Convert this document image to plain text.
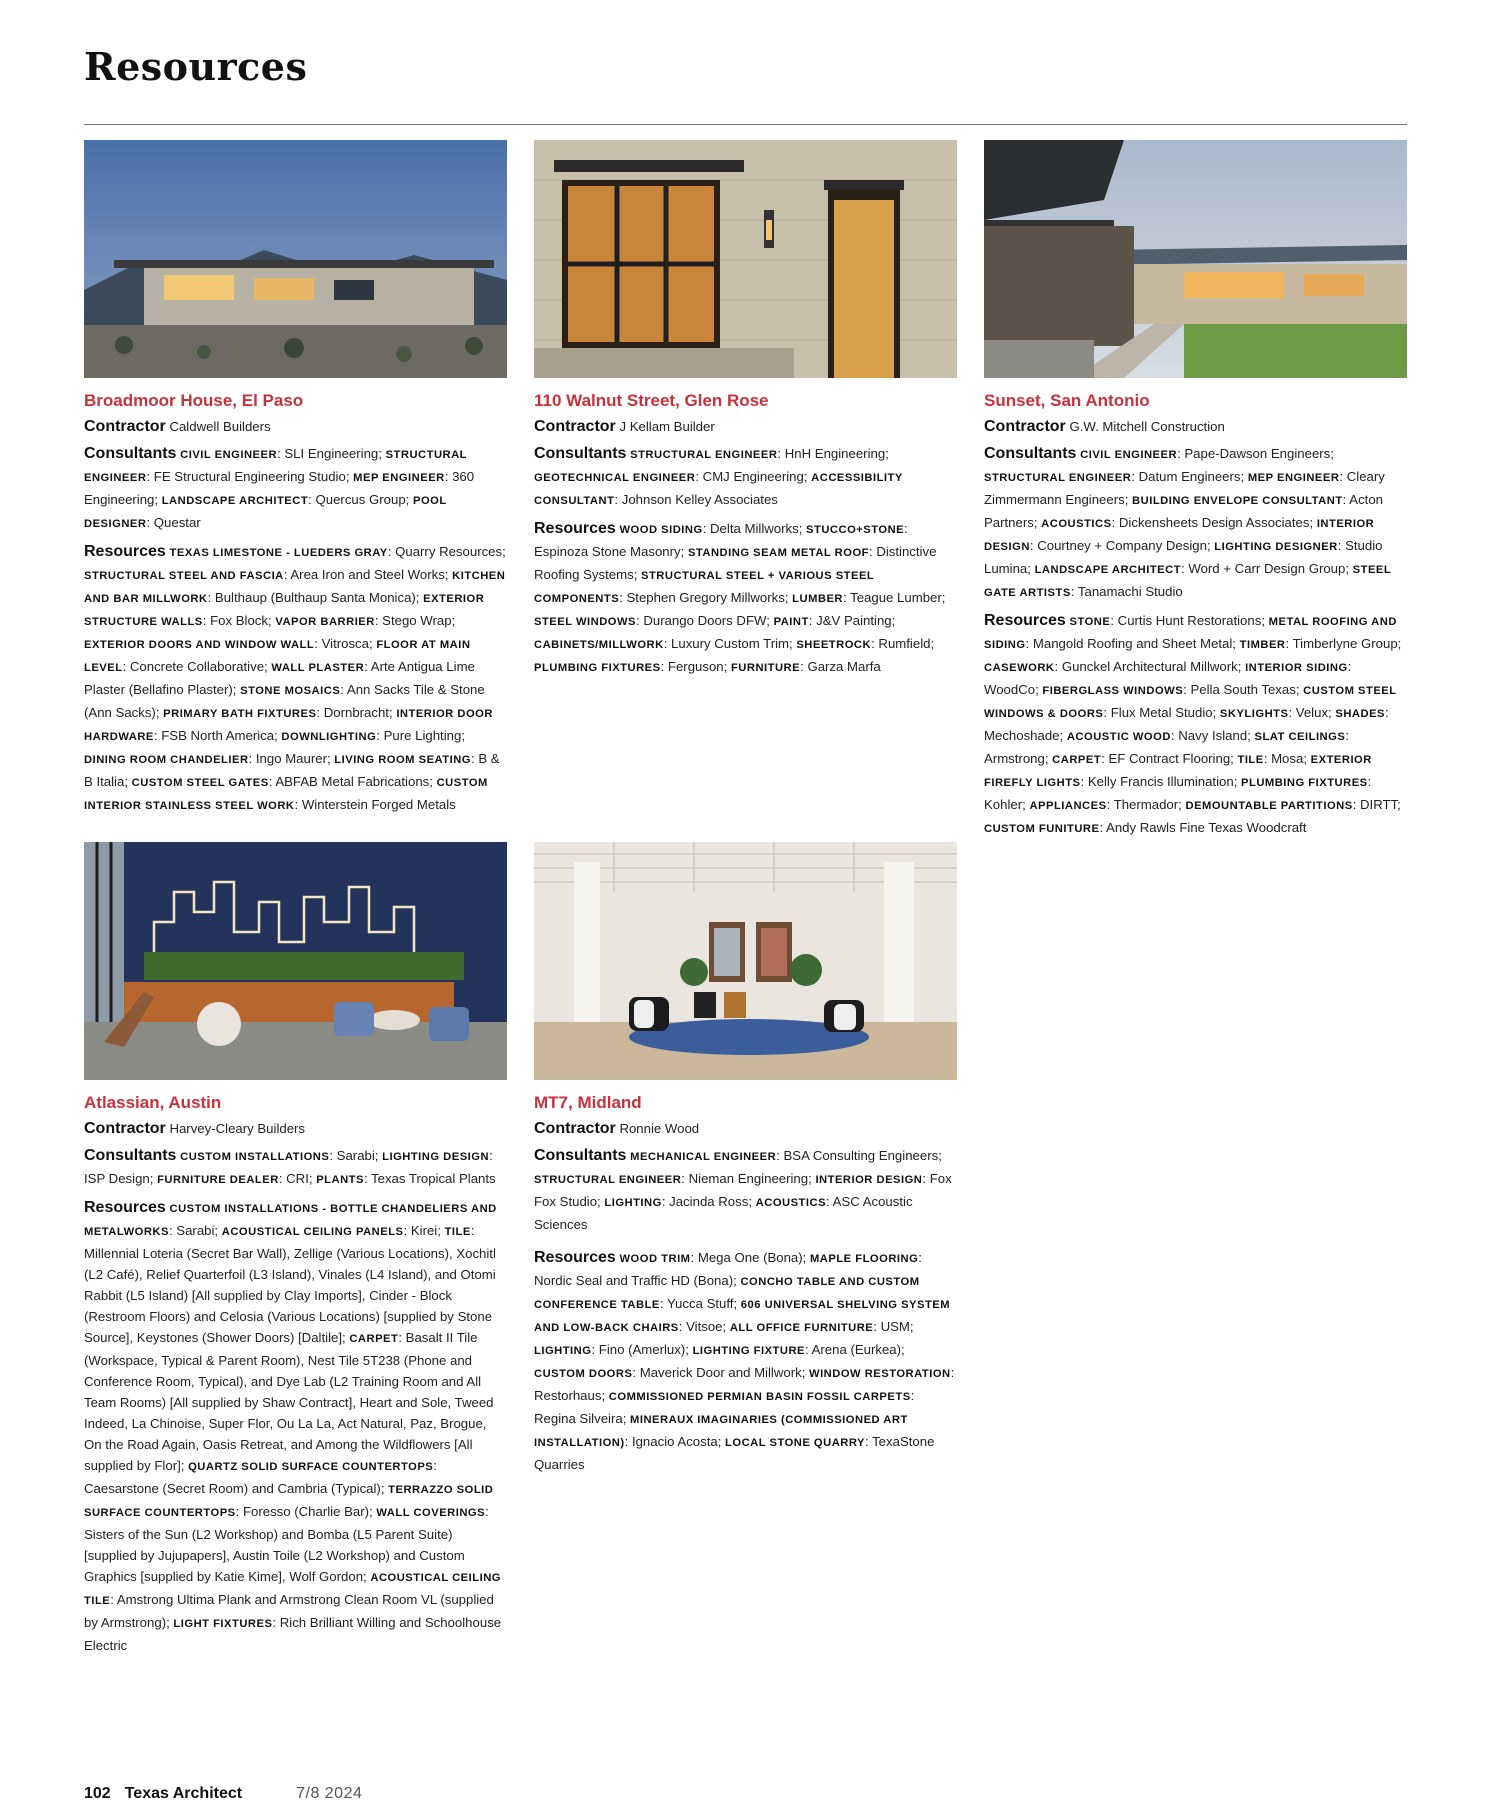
Resources
Broadmoor House, El Paso
Contractor Caldwell Builders
Consultants CIVIL ENGINEER: SLI Engineering; STRUCTURAL ENGINEER: FE Structural Engineering Studio; MEP ENGINEER: 360 Engineering; LANDSCAPE ARCHITECT: Quercus Group; POOL DESIGNER: Questar
Resources TEXAS LIMESTONE - LUEDERS GRAY: Quarry Resources; STRUCTURAL STEEL AND FASCIA: Area Iron and Steel Works; KITCHEN AND BAR MILLWORK: Bulthaup (Bulthaup Santa Monica); EXTERIOR STRUCTURE WALLS: Fox Block; VAPOR BARRIER: Stego Wrap; EXTERIOR DOORS AND WINDOW WALL: Vitrosca; FLOOR AT MAIN LEVEL: Concrete Collaborative; WALL PLASTER: Arte Antigua Lime Plaster (Bellafino Plaster); STONE MOSAICS: Ann Sacks Tile & Stone (Ann Sacks); PRIMARY BATH FIXTURES: Dornbracht; INTERIOR DOOR HARDWARE: FSB North America; DOWNLIGHTING: Pure Lighting; DINING ROOM CHANDELIER: Ingo Maurer; LIVING ROOM SEATING: B & B Italia; CUSTOM STEEL GATES: ABFAB Metal Fabrications; CUSTOM INTERIOR STAINLESS STEEL WORK: Winterstein Forged Metals
110 Walnut Street, Glen Rose
Contractor J Kellam Builder
Consultants STRUCTURAL ENGINEER: HnH Engineering; GEOTECHNICAL ENGINEER: CMJ Engineering; ACCESSIBILITY CONSULTANT: Johnson Kelley Associates
Resources WOOD SIDING: Delta Millworks; STUCCO+STONE: Espinoza Stone Masonry; STANDING SEAM METAL ROOF: Distinctive Roofing Systems; STRUCTURAL STEEL + VARIOUS STEEL COMPONENTS: Stephen Gregory Millworks; LUMBER: Teague Lumber; STEEL WINDOWS: Durango Doors DFW; PAINT: J&V Painting; CABINETS/MILLWORK: Luxury Custom Trim; SHEETROCK: Rumfield; PLUMBING FIXTURES: Ferguson; FURNITURE: Garza Marfa
Sunset, San Antonio
Contractor G.W. Mitchell Construction
Consultants CIVIL ENGINEER: Pape-Dawson Engineers; STRUCTURAL ENGINEER: Datum Engineers; MEP ENGINEER: Cleary Zimmermann Engineers; BUILDING ENVELOPE CONSULTANT: Acton Partners; ACOUSTICS: Dickensheets Design Associates; INTERIOR DESIGN: Courtney + Company Design; LIGHTING DESIGNER: Studio Lumina; LANDSCAPE ARCHITECT: Word + Carr Design Group; STEEL GATE ARTISTS: Tanamachi Studio
Resources STONE: Curtis Hunt Restorations; METAL ROOFING AND SIDING: Mangold Roofing and Sheet Metal; TIMBER: Timberlyne Group; CASEWORK: Gunckel Architectural Millwork; INTERIOR SIDING: WoodCo; FIBERGLASS WINDOWS: Pella South Texas; CUSTOM STEEL WINDOWS & DOORS: Flux Metal Studio; SKYLIGHTS: Velux; SHADES: Mechoshade; ACOUSTIC WOOD: Navy Island; SLAT CEILINGS: Armstrong; CARPET: EF Contract Flooring; TILE: Mosa; EXTERIOR FIREFLY LIGHTS: Kelly Francis Illumination; PLUMBING FIXTURES: Kohler; APPLIANCES: Thermador; DEMOUNTABLE PARTITIONS: DIRTT; CUSTOM FUNITURE: Andy Rawls Fine Texas Woodcraft
Atlassian, Austin
Contractor Harvey-Cleary Builders
Consultants CUSTOM INSTALLATIONS: Sarabi; LIGHTING DESIGN: ISP Design; FURNITURE DEALER: CRI; PLANTS: Texas Tropical Plants
Resources CUSTOM INSTALLATIONS - BOTTLE CHANDELIERS AND METALWORKS: Sarabi; ACOUSTICAL CEILING PANELS: Kirei; TILE: Millennial Loteria (Secret Bar Wall), Zellige (Various Locations), Xochitl (L2 Café), Relief Quarterfoil (L3 Island), Vinales (L4 Island), and Otomi Rabbit (L5 Island) [All supplied by Clay Imports], Cinder - Block (Restroom Floors) and Celosia (Various Locations) [supplied by Stone Source], Keystones (Shower Doors) [Daltile]; CARPET: Basalt II Tile (Workspace, Typical & Parent Room), Nest Tile 5T238 (Phone and Conference Room, Typical), and Dye Lab (L2 Training Room and All Team Rooms) [All supplied by Shaw Contract], Heart and Sole, Tweed Indeed, La Chinoise, Super Flor, Ou La La, Act Natural, Paz, Brogue, On the Road Again, Oasis Retreat, and Among the Wildflowers [All supplied by Flor]; QUARTZ SOLID SURFACE COUNTERTOPS: Caesarstone (Secret Room) and Cambria (Typical); TERRAZZO SOLID SURFACE COUNTERTOPS: Foresso (Charlie Bar); WALL COVERINGS: Sisters of the Sun (L2 Workshop) and Bomba (L5 Parent Suite) [supplied by Jujupapers], Austin Toile (L2 Workshop) and Custom Graphics [supplied by Katie Kime], Wolf Gordon; ACOUSTICAL CEILING TILE: Amstrong Ultima Plank and Armstrong Clean Room VL (supplied by Armstrong); LIGHT FIXTURES: Rich Brilliant Willing and Schoolhouse Electric
MT7, Midland
Contractor Ronnie Wood
Consultants MECHANICAL ENGINEER: BSA Consulting Engineers; STRUCTURAL ENGINEER: Nieman Engineering; INTERIOR DESIGN: Fox Fox Studio; LIGHTING: Jacinda Ross; ACOUSTICS: ASC Acoustic Sciences
Resources WOOD TRIM: Mega One (Bona); MAPLE FLOORING: Nordic Seal and Traffic HD (Bona); CONCHO TABLE AND CUSTOM CONFERENCE TABLE: Yucca Stuff; 606 UNIVERSAL SHELVING SYSTEM AND LOW-BACK CHAIRS: Vitsoe; ALL OFFICE FURNITURE: USM; LIGHTING: Fino (Amerlux); LIGHTING FIXTURE: Arena (Eurkea); CUSTOM DOORS: Maverick Door and Millwork; WINDOW RESTORATION: Restorhaus; COMMISSIONED PERMIAN BASIN FOSSIL CARPETS: Regina Silveira; MINERAUX IMAGINARIES (COMMISSIONED ART INSTALLATION): Ignacio Acosta; LOCAL STONE QUARRY: TexaStone Quarries
102 Texas Architect	7/8 2024
